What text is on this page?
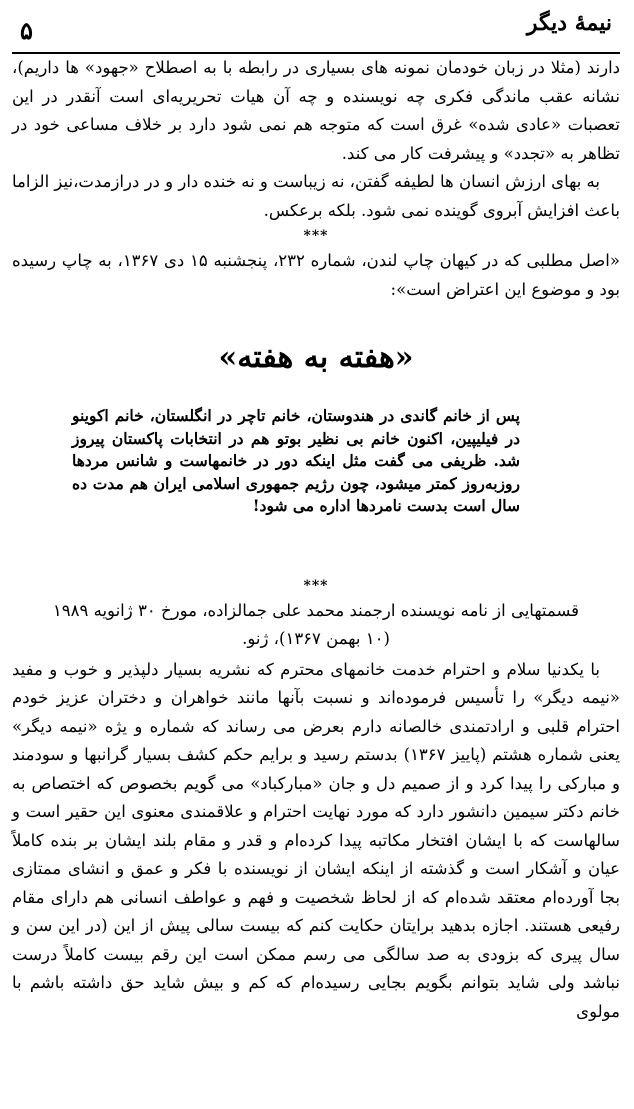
نیمهٔ دیگر
۵

دارند (مثلا در زبان خودمان نمونه های بسیاری در رابطه با به اصطلاح «جهود» ها داریم)، نشانه عقب ماندگی فکری چه نویسنده و چه آن هیات تحریریه‌ای است آنقدر در این تعصبات «عادی شده» غرق است که متوجه هم نمی شود دارد بر خلاف مساعی خود در تظاهر به «تجدد» و پیشرفت کار می کند.

به بهای ارزش انسان ها لطیفه گفتن، نه زیباست و نه خنده دار و در درازمدت،نیز الزاما باعث افزایش آبروی گوینده نمی شود. بلکه برعکس.

***

«اصل مطلبی که در کیهان چاپ لندن، شماره ۲۳۲، پنجشنبه ۱۵ دی ۱۳۶۷، به چاپ رسیده بود و موضوع این اعتراض است»:

«هفته به هفته»
پس از خانم گاندی در هندوستان، خانم تاچر در انگلستان، خانم اکوینو در فیلیپین، اکنون خانم بی نظیر بوتو هم در انتخابات پاکستان پیروز شد. ظریفی می گفت مثل اینکه دور در خانمهاست و شانس مردها روزبه‌روز کمتر میشود، چون رژیم جمهوری اسلامی ایران هم مدت ده سال است بدست نامردها اداره می شود!
***

قسمتهایی از نامه نویسنده ارجمند محمد علی جمالزاده، مورخ ۳۰ ژانویه ۱۹۸۹

(۱۰ بهمن ۱۳۶۷)، ژنو.

با یکدنیا سلام و احترام خدمت خانمهای محترم که نشریه بسیار دلپذیر و خوب و مفید «نیمه دیگر» را تأسیس فرموده‌اند و نسبت بآنها مانند خواهران و دختران عزیز خودم احترام قلبی و ارادتمندی خالصانه دارم بعرض می رساند که شماره و یژه «نیمه دیگر» یعنی شماره هشتم (پاییز ۱۳۶۷) بدستم رسید و برایم حکم کشف بسیار گرانبها و سودمند و مبارکی را پیدا کرد و از صمیم دل و جان «مبارکباد» می گویم بخصوص که اختصاص به خانم دکتر سیمین دانشور دارد که مورد نهایت احترام و علاقمندی معنوی این حقیر است و سالهاست که با ایشان افتخار مکاتبه پیدا کرده‌ام و قدر و مقام بلند ایشان بر بنده کاملاً عیان و آشکار است و گذشته از اینکه ایشان از نویسنده با فکر و عمق و انشای ممتازی بجا آورده‌ام معتقد شده‌ام که از لحاظ شخصیت و فهم و عواطف انسانی هم دارای مقام رفیعی هستند. اجازه بدهید برایتان حکایت کنم که بیست سالی پیش از این (در این سن و سال پیری که بزودی به صد سالگی می رسم ممکن است این رقم بیست کاملاً درست نباشد ولی شاید بتوانم بگویم بجایی رسیده‌ام که کم و بیش شاید حق داشته باشم با مولوی
